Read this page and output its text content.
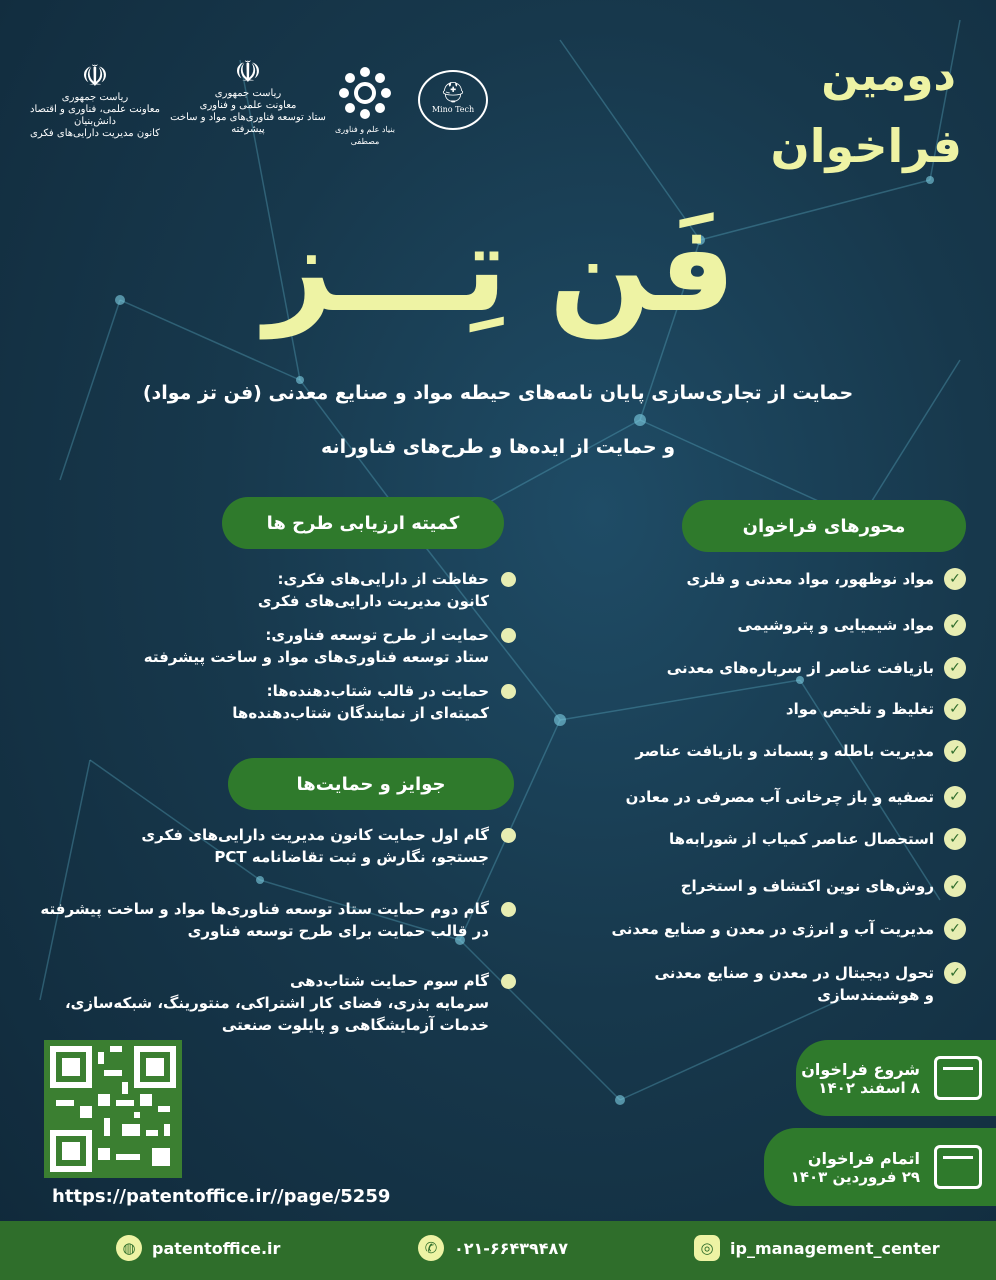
☫
ریاست جمهوری
معاونت علمی، فناوری و اقتصاد دانش‌بنیان
کانون مدیریت دارایی‌های فکری
☫
ریاست جمهوری
معاونت علمی و فناوری
ستاد توسعه فناوری‌های مواد و ساخت پیشرفته	بنیاد علم و فناوری مصطفی
⛑
Mino Tech
دومین
فراخوان
فَن تِـــز
حمایت از تجاری‌سازی پایان نامه‌های حیطه مواد و صنایع معدنی (فن تز مواد)
و حمایت از ایده‌ها و طرح‌های فناورانه
محورهای فراخوان
✓
مواد نوظهور، مواد معدنی و فلزی
✓
مواد شیمیایی و پتروشیمی
✓
بازیافت عناصر از سرباره‌های معدنی
✓
تغلیظ و تلخیص مواد
✓
مدیریت باطله و پسماند و بازیافت عناصر
✓
تصفیه و باز چرخانی آب مصرفی در معادن
✓
استحصال عناصر کمیاب از شورابه‌ها
✓
روش‌های نوین اکتشاف و استخراج
✓
مدیریت آب و انرژی در معدن و صنایع معدنی
✓
تحول دیجیتال در معدن و صنایع معدنی
و هوشمندسازی
کمیته ارزیابی طرح ها
حفاظت از دارایی‌های فکری:
کانون مدیریت دارایی‌های فکری
حمایت از طرح توسعه فناوری:
ستاد توسعه فناوری‌های مواد و ساخت پیشرفته
حمایت در قالب شتاب‌دهنده‌ها:
کمیته‌ای از نمایندگان شتاب‌دهنده‌ها
جوایز و حمایت‌ها
گام اول حمایت کانون مدیریت دارایی‌های فکری
جستجو، نگارش و ثبت تقاضانامه PCT
گام دوم حمایت ستاد توسعه فناوری‌ها مواد و ساخت پیشرفته
در قالب حمایت برای طرح توسعه فناوری
گام سوم حمایت شتاب‌دهی
سرمایه بذری، فضای کار اشتراکی، منتورینگ، شبکه‌سازی،
خدمات آزمایشگاهی و پایلوت صنعتی
شروع فراخوان
۸ اسفند ۱۴۰۲
اتمام فراخوان
۲۹ فروردین ۱۴۰۳
https://patentoffice.ir//page/5259
◍	patentoffice.ir	✆	۰۲۱-۶۶۴۳۹۴۸۷	◎	ip_management_center
